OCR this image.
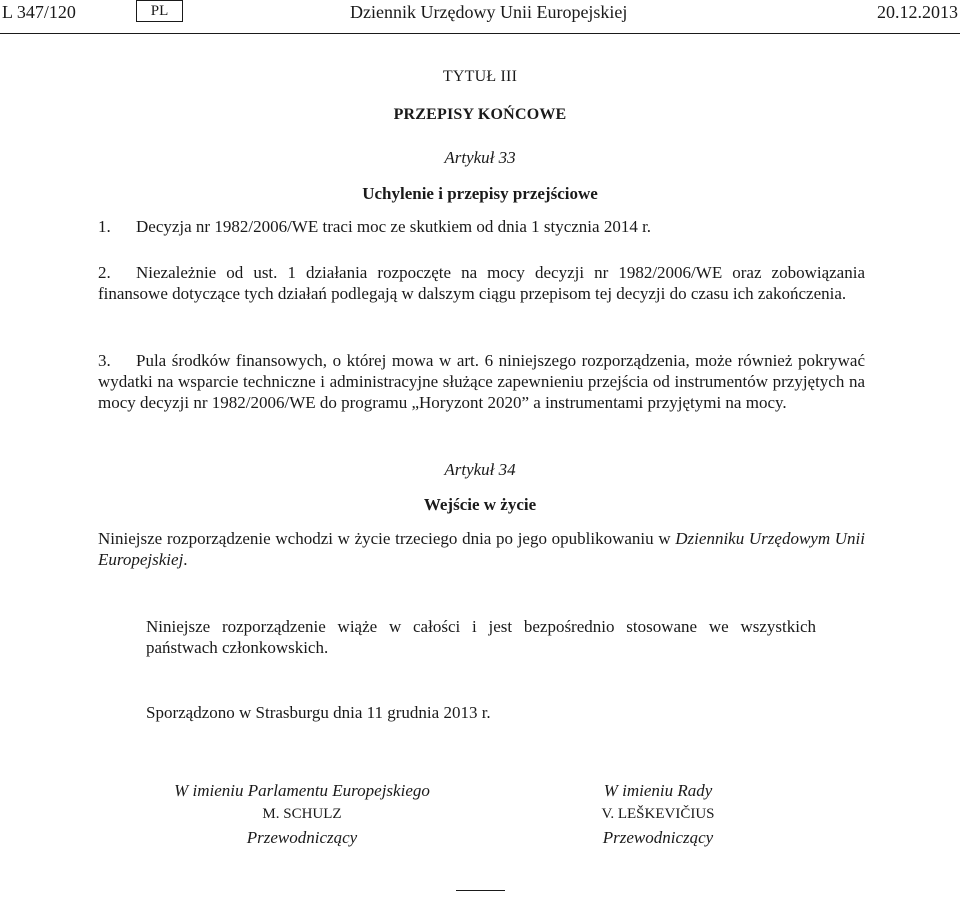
L 347/120	PL	Dziennik Urzędowy Unii Europejskiej	20.12.2013
TYTUŁ III
PRZEPISY KOŃCOWE
Artykuł 33
Uchylenie i przepisy przejściowe
1. Decyzja nr 1982/2006/WE traci moc ze skutkiem od dnia 1 stycznia 2014 r.
2. Niezależnie od ust. 1 działania rozpoczęte na mocy decyzji nr 1982/2006/WE oraz zobowiązania finansowe dotyczące tych działań podlegają w dalszym ciągu przepisom tej decyzji do czasu ich zakończenia.
3. Pula środków finansowych, o której mowa w art. 6 niniejszego rozporządzenia, może również pokrywać wydatki na wsparcie techniczne i administracyjne służące zapewnieniu przejścia od instrumentów przyjętych na mocy decyzji nr 1982/2006/WE do programu „Horyzont 2020” a instrumentami przyjętymi na mocy.
Artykuł 34
Wejście w życie
Niniejsze rozporządzenie wchodzi w życie trzeciego dnia po jego opublikowaniu w Dzienniku Urzędowym Unii Europejskiej.
Niniejsze rozporządzenie wiąże w całości i jest bezpośrednio stosowane we wszystkich państwach członkowskich.
Sporządzono w Strasburgu dnia 11 grudnia 2013 r.
W imieniu Parlamentu Europejskiego
M. SCHULZ
Przewodniczący
W imieniu Rady
V. LEŠKEVIČIUS
Przewodniczący
